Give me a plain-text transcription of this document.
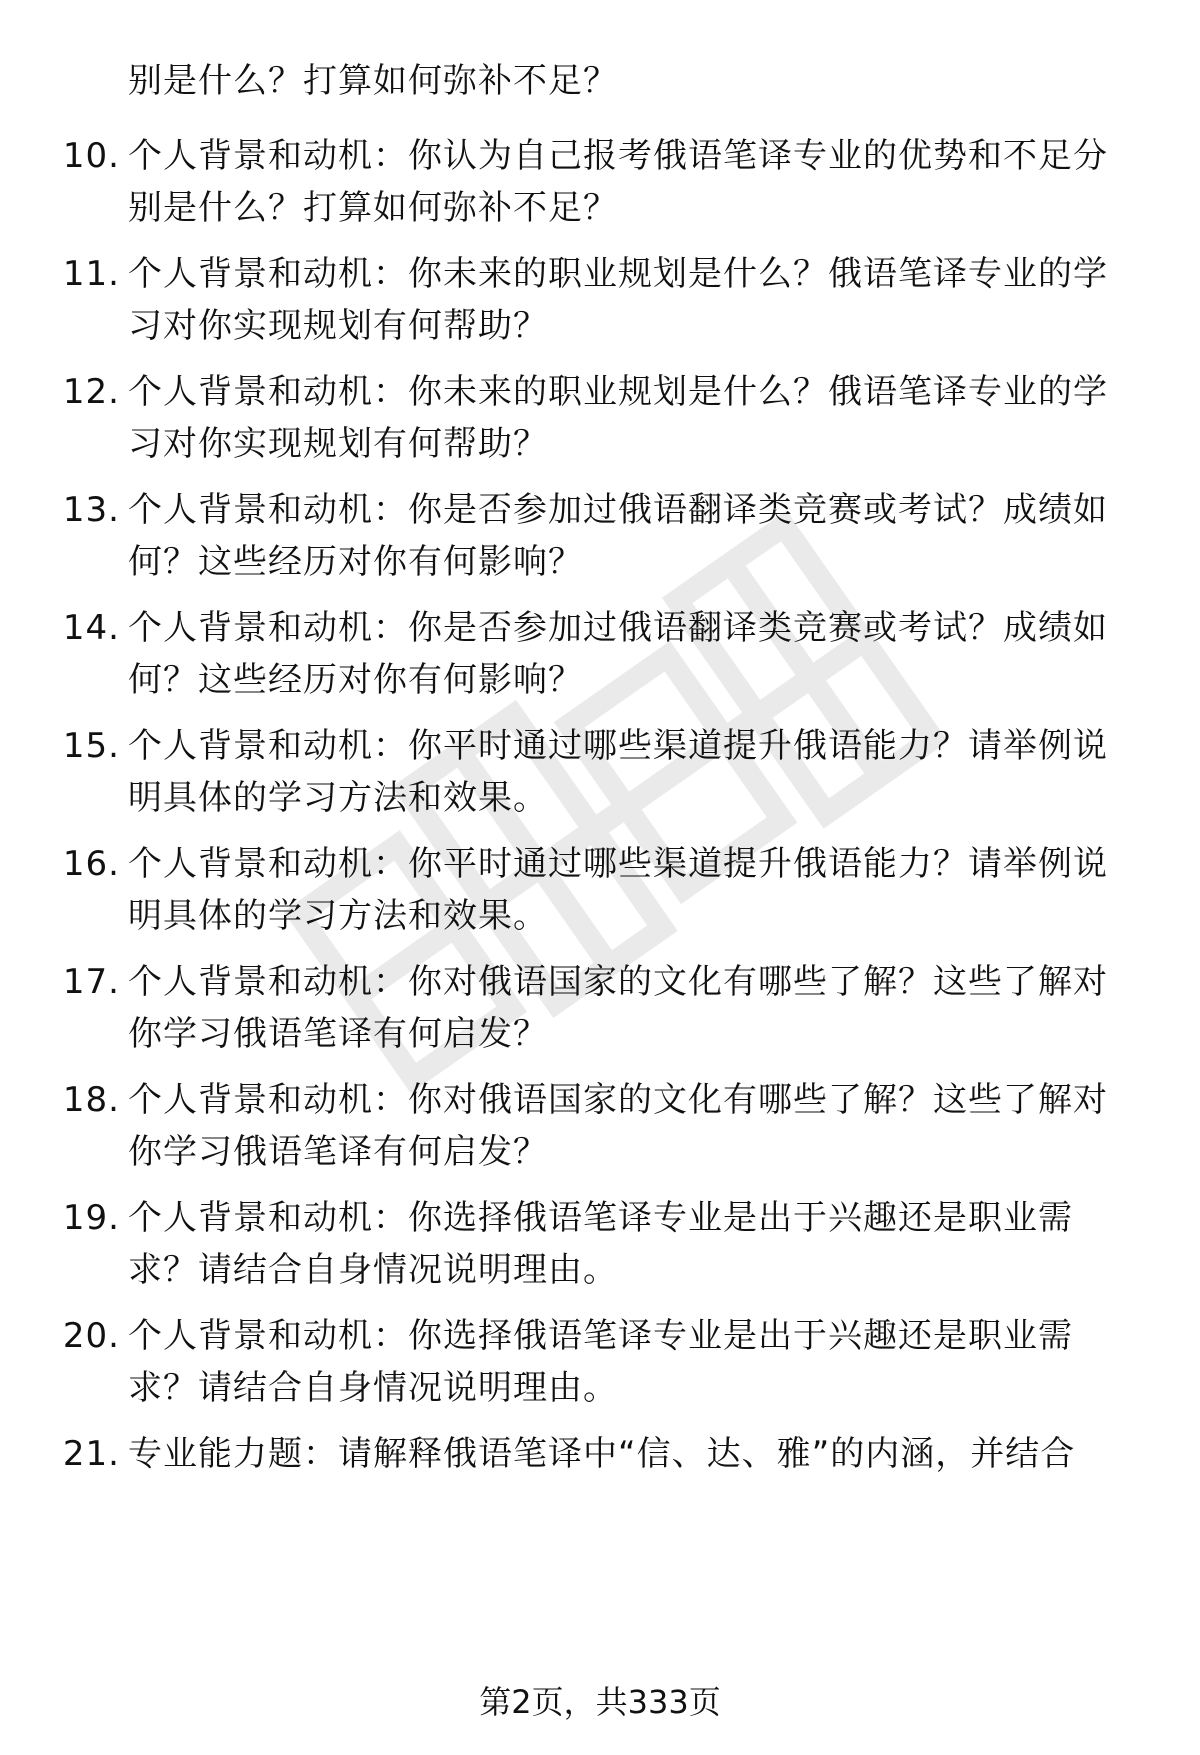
别是什么？打算如何弥补不足？
10. 个人背景和动机：你认为自己报考俄语笔译专业的优势和不足分别是什么？打算如何弥补不足？
11. 个人背景和动机：你未来的职业规划是什么？俄语笔译专业的学习对你实现规划有何帮助？
12. 个人背景和动机：你未来的职业规划是什么？俄语笔译专业的学习对你实现规划有何帮助？
13. 个人背景和动机：你是否参加过俄语翻译类竞赛或考试？成绩如何？这些经历对你有何影响？
14. 个人背景和动机：你是否参加过俄语翻译类竞赛或考试？成绩如何？这些经历对你有何影响？
15. 个人背景和动机：你平时通过哪些渠道提升俄语能力？请举例说明具体的学习方法和效果。
16. 个人背景和动机：你平时通过哪些渠道提升俄语能力？请举例说明具体的学习方法和效果。
17. 个人背景和动机：你对俄语国家的文化有哪些了解？这些了解对你学习俄语笔译有何启发？
18. 个人背景和动机：你对俄语国家的文化有哪些了解？这些了解对你学习俄语笔译有何启发？
19. 个人背景和动机：你选择俄语笔译专业是出于兴趣还是职业需求？请结合自身情况说明理由。
20. 个人背景和动机：你选择俄语笔译专业是出于兴趣还是职业需求？请结合自身情况说明理由。
21. 专业能力题：请解释俄语笔译中“信、达、雅”的内涵，并结合
第2页，共333页
